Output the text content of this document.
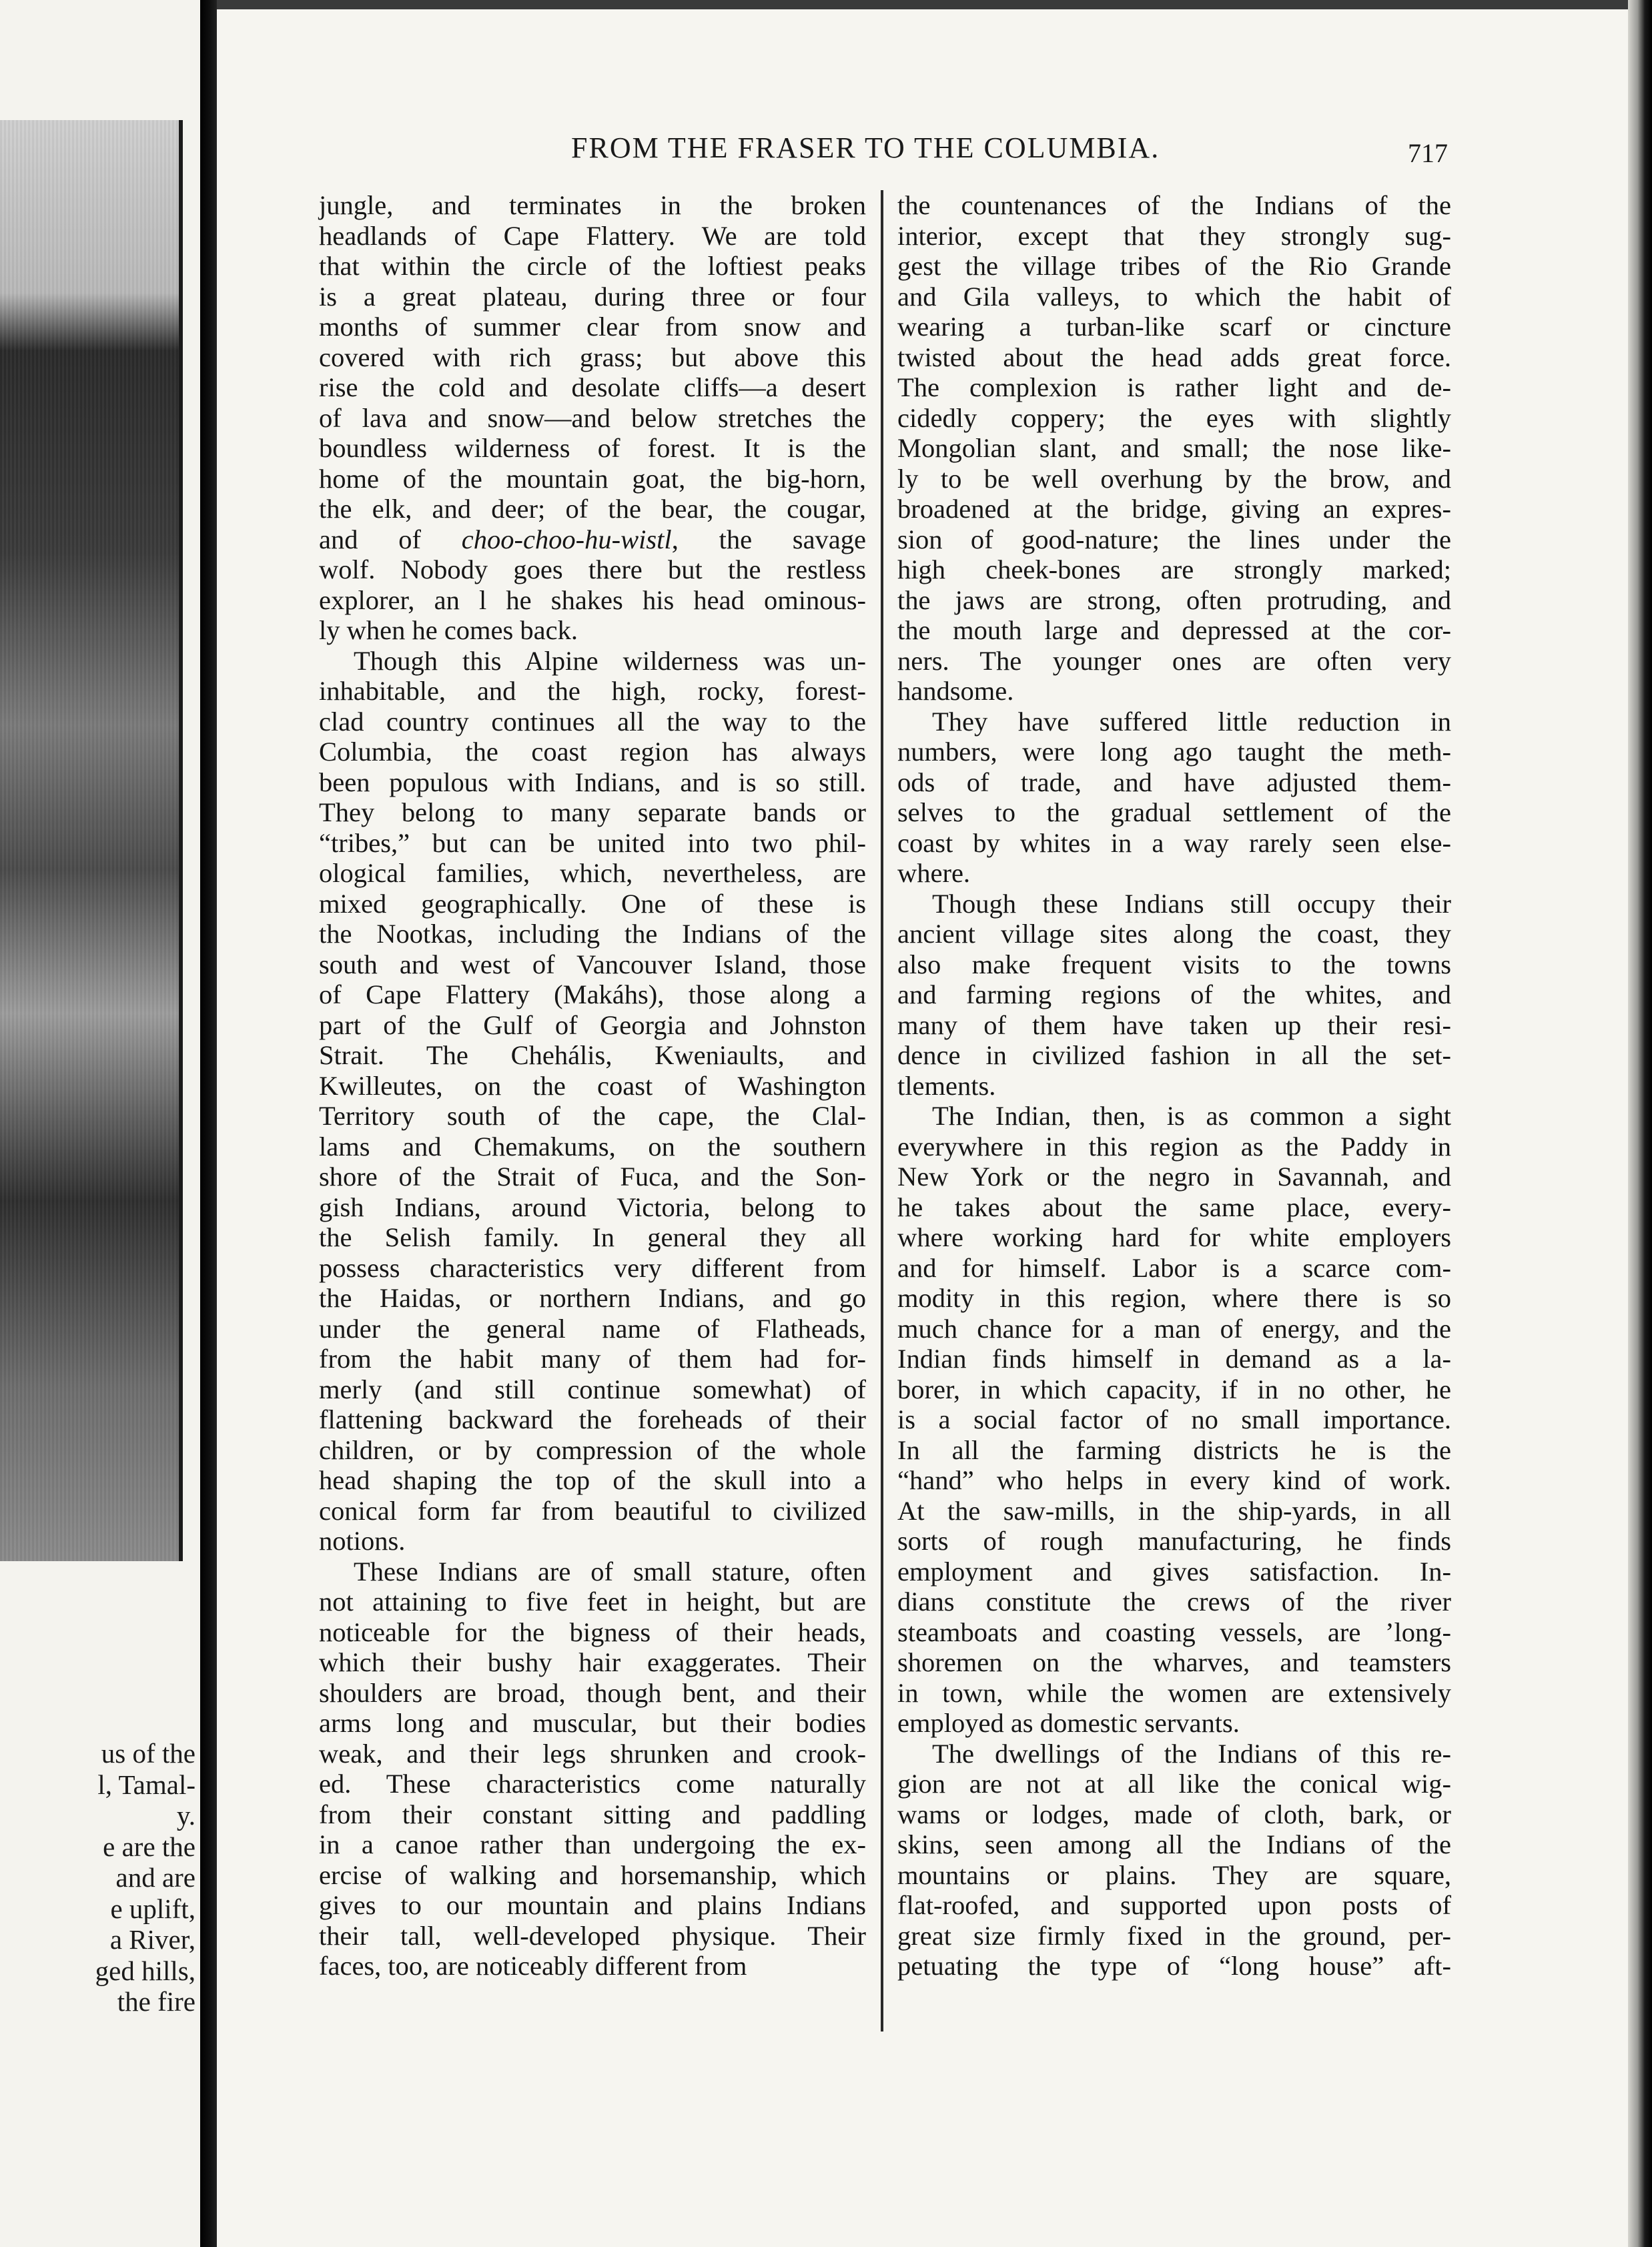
us of the
l, Tamal-
y.
e are the
and are
e uplift,
a River,
ged hills,
the fire
FROM THE FRASER TO THE COLUMBIA.	717
jungle, and terminates in the broken
headlands of Cape Flattery. We are told
that within the circle of the loftiest peaks
is a great plateau, during three or four
months of summer clear from snow and
covered with rich grass; but above this
rise the cold and desolate cliffs—a desert
of lava and snow—and below stretches the
boundless wilderness of forest. It is the
home of the mountain goat, the big-horn,
the elk, and deer; of the bear, the cougar,
and of choo-choo-hu-wistl, the savage
wolf. Nobody goes there but the restless
explorer, an l he shakes his head ominous-
ly when he comes back.
Though this Alpine wilderness was un-
inhabitable, and the high, rocky, forest-
clad country continues all the way to the
Columbia, the coast region has always
been populous with Indians, and is so still.
They belong to many separate bands or
“tribes,” but can be united into two phil-
ological families, which, nevertheless, are
mixed geographically. One of these is
the Nootkas, including the Indians of the
south and west of Vancouver Island, those
of Cape Flattery (Makáhs), those along a
part of the Gulf of Georgia and Johnston
Strait. The Chehális, Kweniaults, and
Kwilleutes, on the coast of Washington
Territory south of the cape, the Clal-
lams and Chemakums, on the southern
shore of the Strait of Fuca, and the Son-
gish Indians, around Victoria, belong to
the Selish family. In general they all
possess characteristics very different from
the Haidas, or northern Indians, and go
under the general name of Flatheads,
from the habit many of them had for-
merly (and still continue somewhat) of
flattening backward the foreheads of their
children, or by compression of the whole
head shaping the top of the skull into a
conical form far from beautiful to civilized
notions.
These Indians are of small stature, often
not attaining to five feet in height, but are
noticeable for the bigness of their heads,
which their bushy hair exaggerates. Their
shoulders are broad, though bent, and their
arms long and muscular, but their bodies
weak, and their legs shrunken and crook-
ed. These characteristics come naturally
from their constant sitting and paddling
in a canoe rather than undergoing the ex-
ercise of walking and horsemanship, which
gives to our mountain and plains Indians
their tall, well-developed physique. Their
faces, too, are noticeably different from
the countenances of the Indians of the
interior, except that they strongly sug-
gest the village tribes of the Rio Grande
and Gila valleys, to which the habit of
wearing a turban-like scarf or cincture
twisted about the head adds great force.
The complexion is rather light and de-
cidedly coppery; the eyes with slightly
Mongolian slant, and small; the nose like-
ly to be well overhung by the brow, and
broadened at the bridge, giving an expres-
sion of good-nature; the lines under the
high cheek-bones are strongly marked;
the jaws are strong, often protruding, and
the mouth large and depressed at the cor-
ners. The younger ones are often very
handsome.
They have suffered little reduction in
numbers, were long ago taught the meth-
ods of trade, and have adjusted them-
selves to the gradual settlement of the
coast by whites in a way rarely seen else-
where.
Though these Indians still occupy their
ancient village sites along the coast, they
also make frequent visits to the towns
and farming regions of the whites, and
many of them have taken up their resi-
dence in civilized fashion in all the set-
tlements.
The Indian, then, is as common a sight
everywhere in this region as the Paddy in
New York or the negro in Savannah, and
he takes about the same place, every-
where working hard for white employers
and for himself. Labor is a scarce com-
modity in this region, where there is so
much chance for a man of energy, and the
Indian finds himself in demand as a la-
borer, in which capacity, if in no other, he
is a social factor of no small importance.
In all the farming districts he is the
“hand” who helps in every kind of work.
At the saw-mills, in the ship-yards, in all
sorts of rough manufacturing, he finds
employment and gives satisfaction. In-
dians constitute the crews of the river
steamboats and coasting vessels, are ’long-
shoremen on the wharves, and teamsters
in town, while the women are extensively
employed as domestic servants.
The dwellings of the Indians of this re-
gion are not at all like the conical wig-
wams or lodges, made of cloth, bark, or
skins, seen among all the Indians of the
mountains or plains. They are square,
flat-roofed, and supported upon posts of
great size firmly fixed in the ground, per-
petuating the type of “long house” aft-
